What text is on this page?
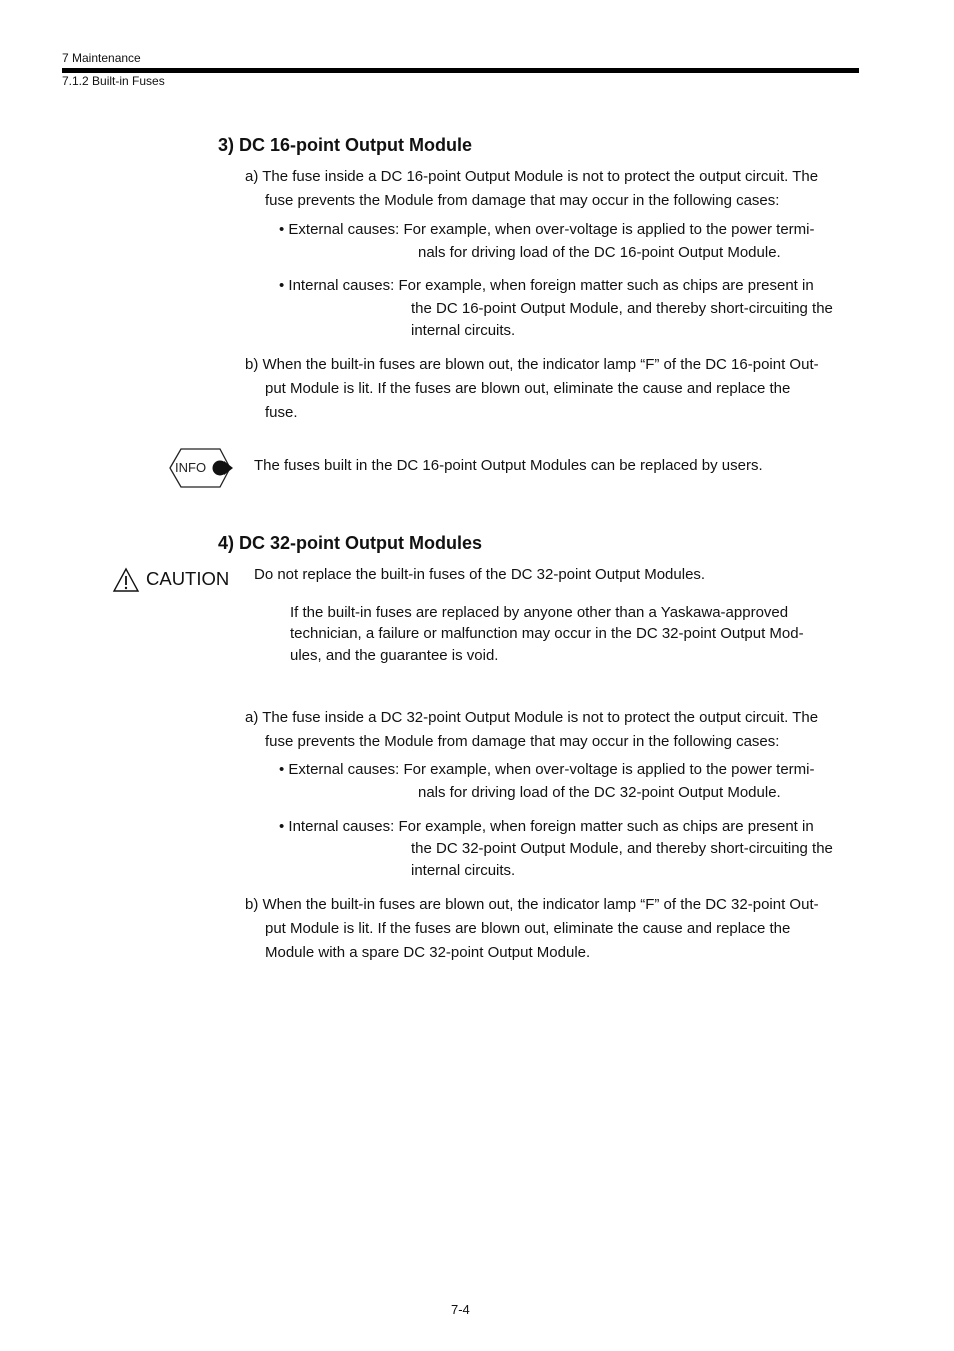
7 Maintenance
7.1.2 Built-in Fuses
3) DC 16-point Output Module
a) The fuse inside a DC 16-point Output Module is not to protect the output circuit. The
fuse prevents the Module from damage that may occur in the following cases:
• External causes: For example, when over-voltage is applied to the power termi-
nals for driving load of the DC 16-point Output Module.
• Internal causes: For example, when foreign matter such as chips are present in
the DC 16-point Output Module, and thereby short-circuiting the
internal circuits.
b) When the built-in fuses are blown out, the indicator lamp “F” of the DC 16-point Out-
put Module is lit. If the fuses are blown out, eliminate the cause and replace the
fuse.
INFO	The fuses built in the DC 16-point Output Modules can be replaced by users.
4) DC 32-point Output Modules
CAUTION Do not replace the built-in fuses of the DC 32-point Output Modules.
If the built-in fuses are replaced by anyone other than a Yaskawa-approved
technician, a failure or malfunction may occur in the DC 32-point Output Mod-
ules, and the guarantee is void.
a) The fuse inside a DC 32-point Output Module is not to protect the output circuit. The
fuse prevents the Module from damage that may occur in the following cases:
• External causes: For example, when over-voltage is applied to the power termi-
nals for driving load of the DC 32-point Output Module.
• Internal causes: For example, when foreign matter such as chips are present in
the DC 32-point Output Module, and thereby short-circuiting the
internal circuits.
b) When the built-in fuses are blown out, the indicator lamp “F” of the DC 32-point Out-
put Module is lit. If the fuses are blown out, eliminate the cause and replace the
Module with a spare DC 32-point Output Module.
7-4
